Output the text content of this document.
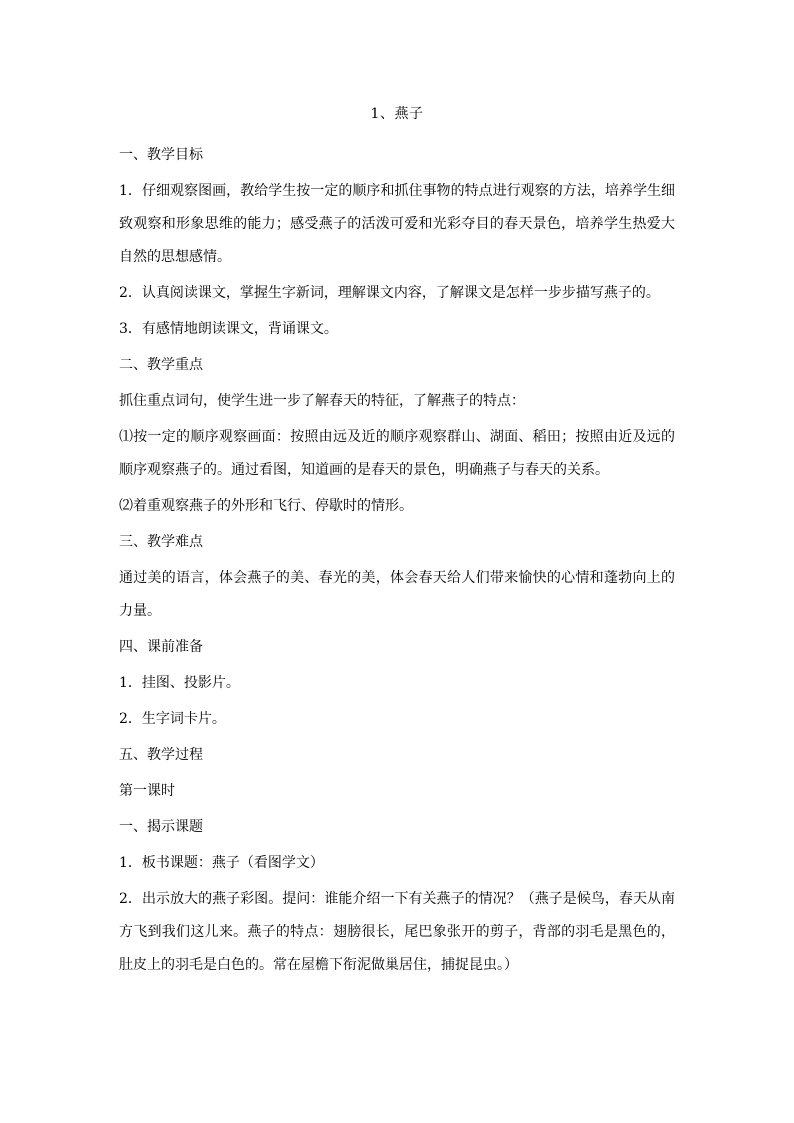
1、燕子

一、教学目标

1．仔细观察图画，教给学生按一定的顺序和抓住事物的特点进行观察的方法，培养学生细致观察和形象思维的能力；感受燕子的活泼可爱和光彩夺目的春天景色，培养学生热爱大自然的思想感情。

2．认真阅读课文，掌握生字新词，理解课文内容，了解课文是怎样一步步描写燕子的。

3．有感情地朗读课文，背诵课文。

二、教学重点

抓住重点词句，使学生进一步了解春天的特征，了解燕子的特点：

⑴按一定的顺序观察画面：按照由远及近的顺序观察群山、湖面、稻田；按照由近及远的顺序观察燕子的。通过看图，知道画的是春天的景色，明确燕子与春天的关系。

⑵着重观察燕子的外形和飞行、停歇时的情形。

三、教学难点

通过美的语言，体会燕子的美、春光的美，体会春天给人们带来愉快的心情和蓬勃向上的力量。

四、课前准备

1．挂图、投影片。

2．生字词卡片。

五、教学过程

第一课时

一、揭示课题

1．板书课题：燕子（看图学文）

2．出示放大的燕子彩图。提问：谁能介绍一下有关燕子的情况？（燕子是候鸟，春天从南方飞到我们这儿来。燕子的特点：翅膀很长，尾巴象张开的剪子，背部的羽毛是黑色的，肚皮上的羽毛是白色的。常在屋檐下衔泥做巢居住，捕捉昆虫。）
